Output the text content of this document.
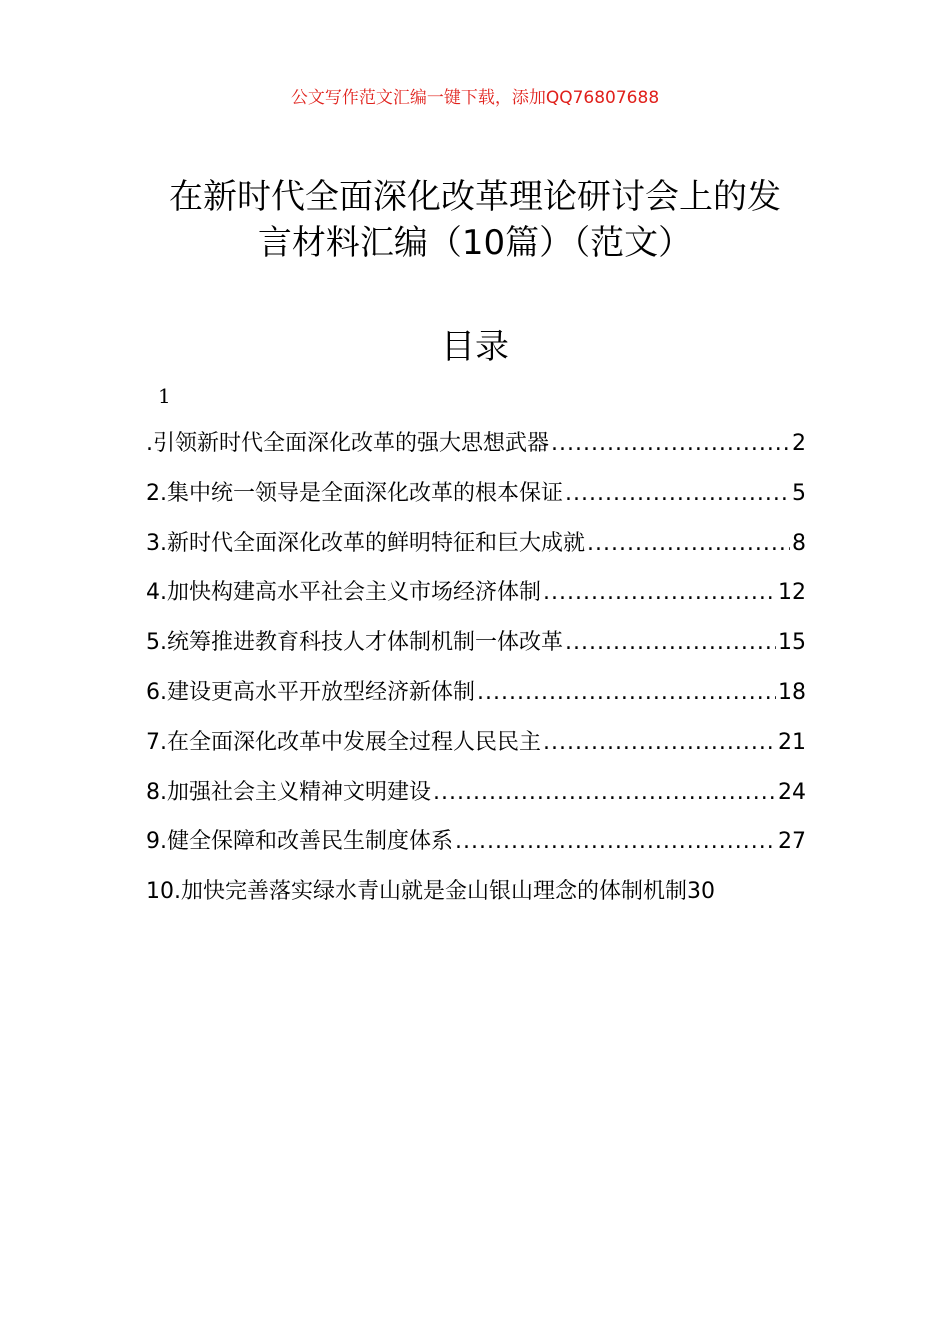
公文写作范文汇编一键下载，添加QQ76807688
在新时代全面深化改革理论研讨会上的发
言材料汇编（10篇）（范文）
目录
1
.引领新时代全面深化改革的强大思想武器 .....	2
2.集中统一领导是全面深化改革的根本保证 .....	5
3.新时代全面深化改革的鲜明特征和巨大成就 .....	8
4.加快构建高水平社会主义市场经济体制 .....	12
5.统筹推进教育科技人才体制机制一体改革 .....	15
6.建设更高水平开放型经济新体制 .....	18
7.在全面深化改革中发展全过程人民民主 .....	21
8.加强社会主义精神文明建设 .....	24
9.健全保障和改善民生制度体系 .....	27
10.加快完善落实绿水青山就是金山银山理念的体制机制 30
